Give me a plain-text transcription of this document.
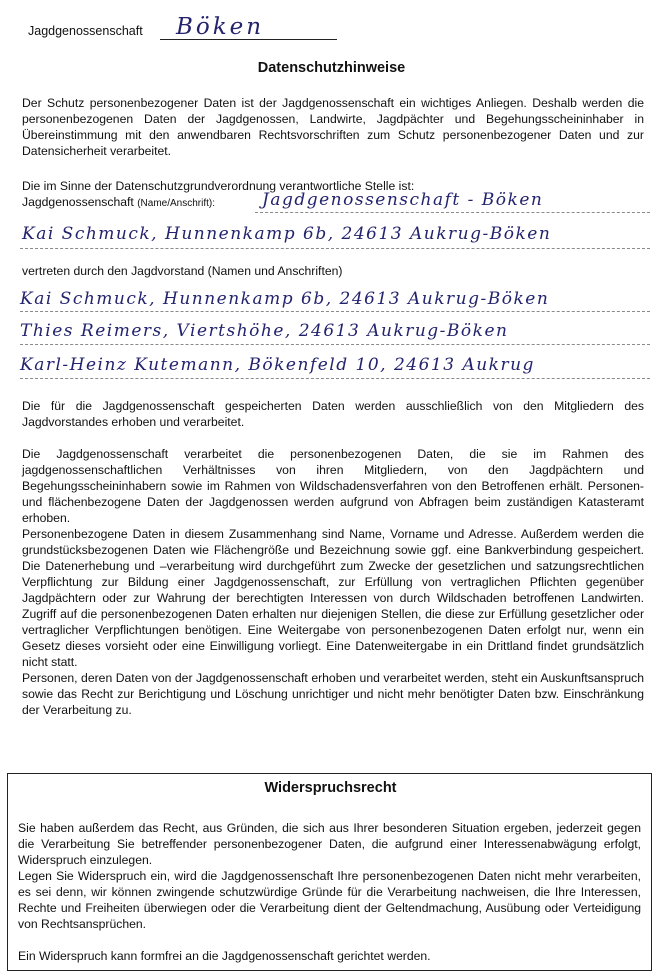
Jagdgenossenschaft Böken
Datenschutzhinweise

Der Schutz personenbezogener Daten ist der Jagdgenossenschaft ein wichtiges Anliegen. Deshalb werden die personenbezogenen Daten der Jagdgenossen, Landwirte, Jagdpächter und Begehungsscheininhaber in Übereinstimmung mit den anwendbaren Rechtsvorschriften zum Schutz personenbezogener Daten und zur Datensicherheit verarbeitet.

Die im Sinne der Datenschutzgrundverordnung verantwortliche Stelle ist:
Jagdgenossenschaft (Name/Anschrift):	Jagdgenossenschaft - Böken
Kai Schmuck, Hunnenkamp 6b, 24613 Aukrug-Böken
vertreten durch den Jagdvorstand (Namen und Anschriften)
Kai Schmuck, Hunnenkamp 6b, 24613 Aukrug-Böken
Thies Reimers, Viertshöhe, 24613 Aukrug-Böken
Karl-Heinz Kutemann, Bökenfeld 10, 24613 Aukrug

Die für die Jagdgenossenschaft gespeicherten Daten werden ausschließlich von den Mitgliedern des Jagdvorstandes erhoben und verarbeitet.

Die Jagdgenossenschaft verarbeitet die personenbezogenen Daten, die sie im Rahmen des jagdgenossenschaftlichen Verhältnisses von ihren Mitgliedern, von den Jagdpächtern und Begehungsscheininhabern sowie im Rahmen von Wildschadensverfahren von den Betroffenen erhält. Personen- und flächenbezogene Daten der Jagdgenossen werden aufgrund von Abfragen beim zuständigen Katasteramt erhoben.

Personenbezogene Daten in diesem Zusammenhang sind Name, Vorname und Adresse. Außerdem werden die grundstücksbezogenen Daten wie Flächengröße und Bezeichnung sowie ggf. eine Bankverbindung gespeichert. Die Datenerhebung und –verarbeitung wird durchgeführt zum Zwecke der gesetzlichen und satzungsrechtlichen Verpflichtung zur Bildung einer Jagdgenossenschaft, zur Erfüllung von vertraglichen Pflichten gegenüber Jagdpächtern oder zur Wahrung der berechtigten Interessen von durch Wildschaden betroffenen Landwirten. Zugriff auf die personenbezogenen Daten erhalten nur diejenigen Stellen, die diese zur Erfüllung gesetzlicher oder vertraglicher Verpflichtungen benötigen. Eine Weitergabe von personenbezogenen Daten erfolgt nur, wenn ein Gesetz dieses vorsieht oder eine Einwilligung vorliegt. Eine Datenweitergabe in ein Drittland findet grundsätzlich nicht statt.

Personen, deren Daten von der Jagdgenossenschaft erhoben und verarbeitet werden, steht ein Auskunftsanspruch sowie das Recht zur Berichtigung und Löschung unrichtiger und nicht mehr benötigter Daten bzw. Einschränkung der Verarbeitung zu.

Widerspruchsrecht

Sie haben außerdem das Recht, aus Gründen, die sich aus Ihrer besonderen Situation ergeben, jederzeit gegen die Verarbeitung Sie betreffender personenbezogener Daten, die aufgrund einer Interessenabwägung erfolgt, Widerspruch einzulegen.

Legen Sie Widerspruch ein, wird die Jagdgenossenschaft Ihre personenbezogenen Daten nicht mehr verarbeiten, es sei denn, wir können zwingende schutzwürdige Gründe für die Verarbeitung nachweisen, die Ihre Interessen, Rechte und Freiheiten überwiegen oder die Verarbeitung dient der Geltendmachung, Ausübung oder Verteidigung von Rechtsansprüchen.

Ein Widerspruch kann formfrei an die Jagdgenossenschaft gerichtet werden.
